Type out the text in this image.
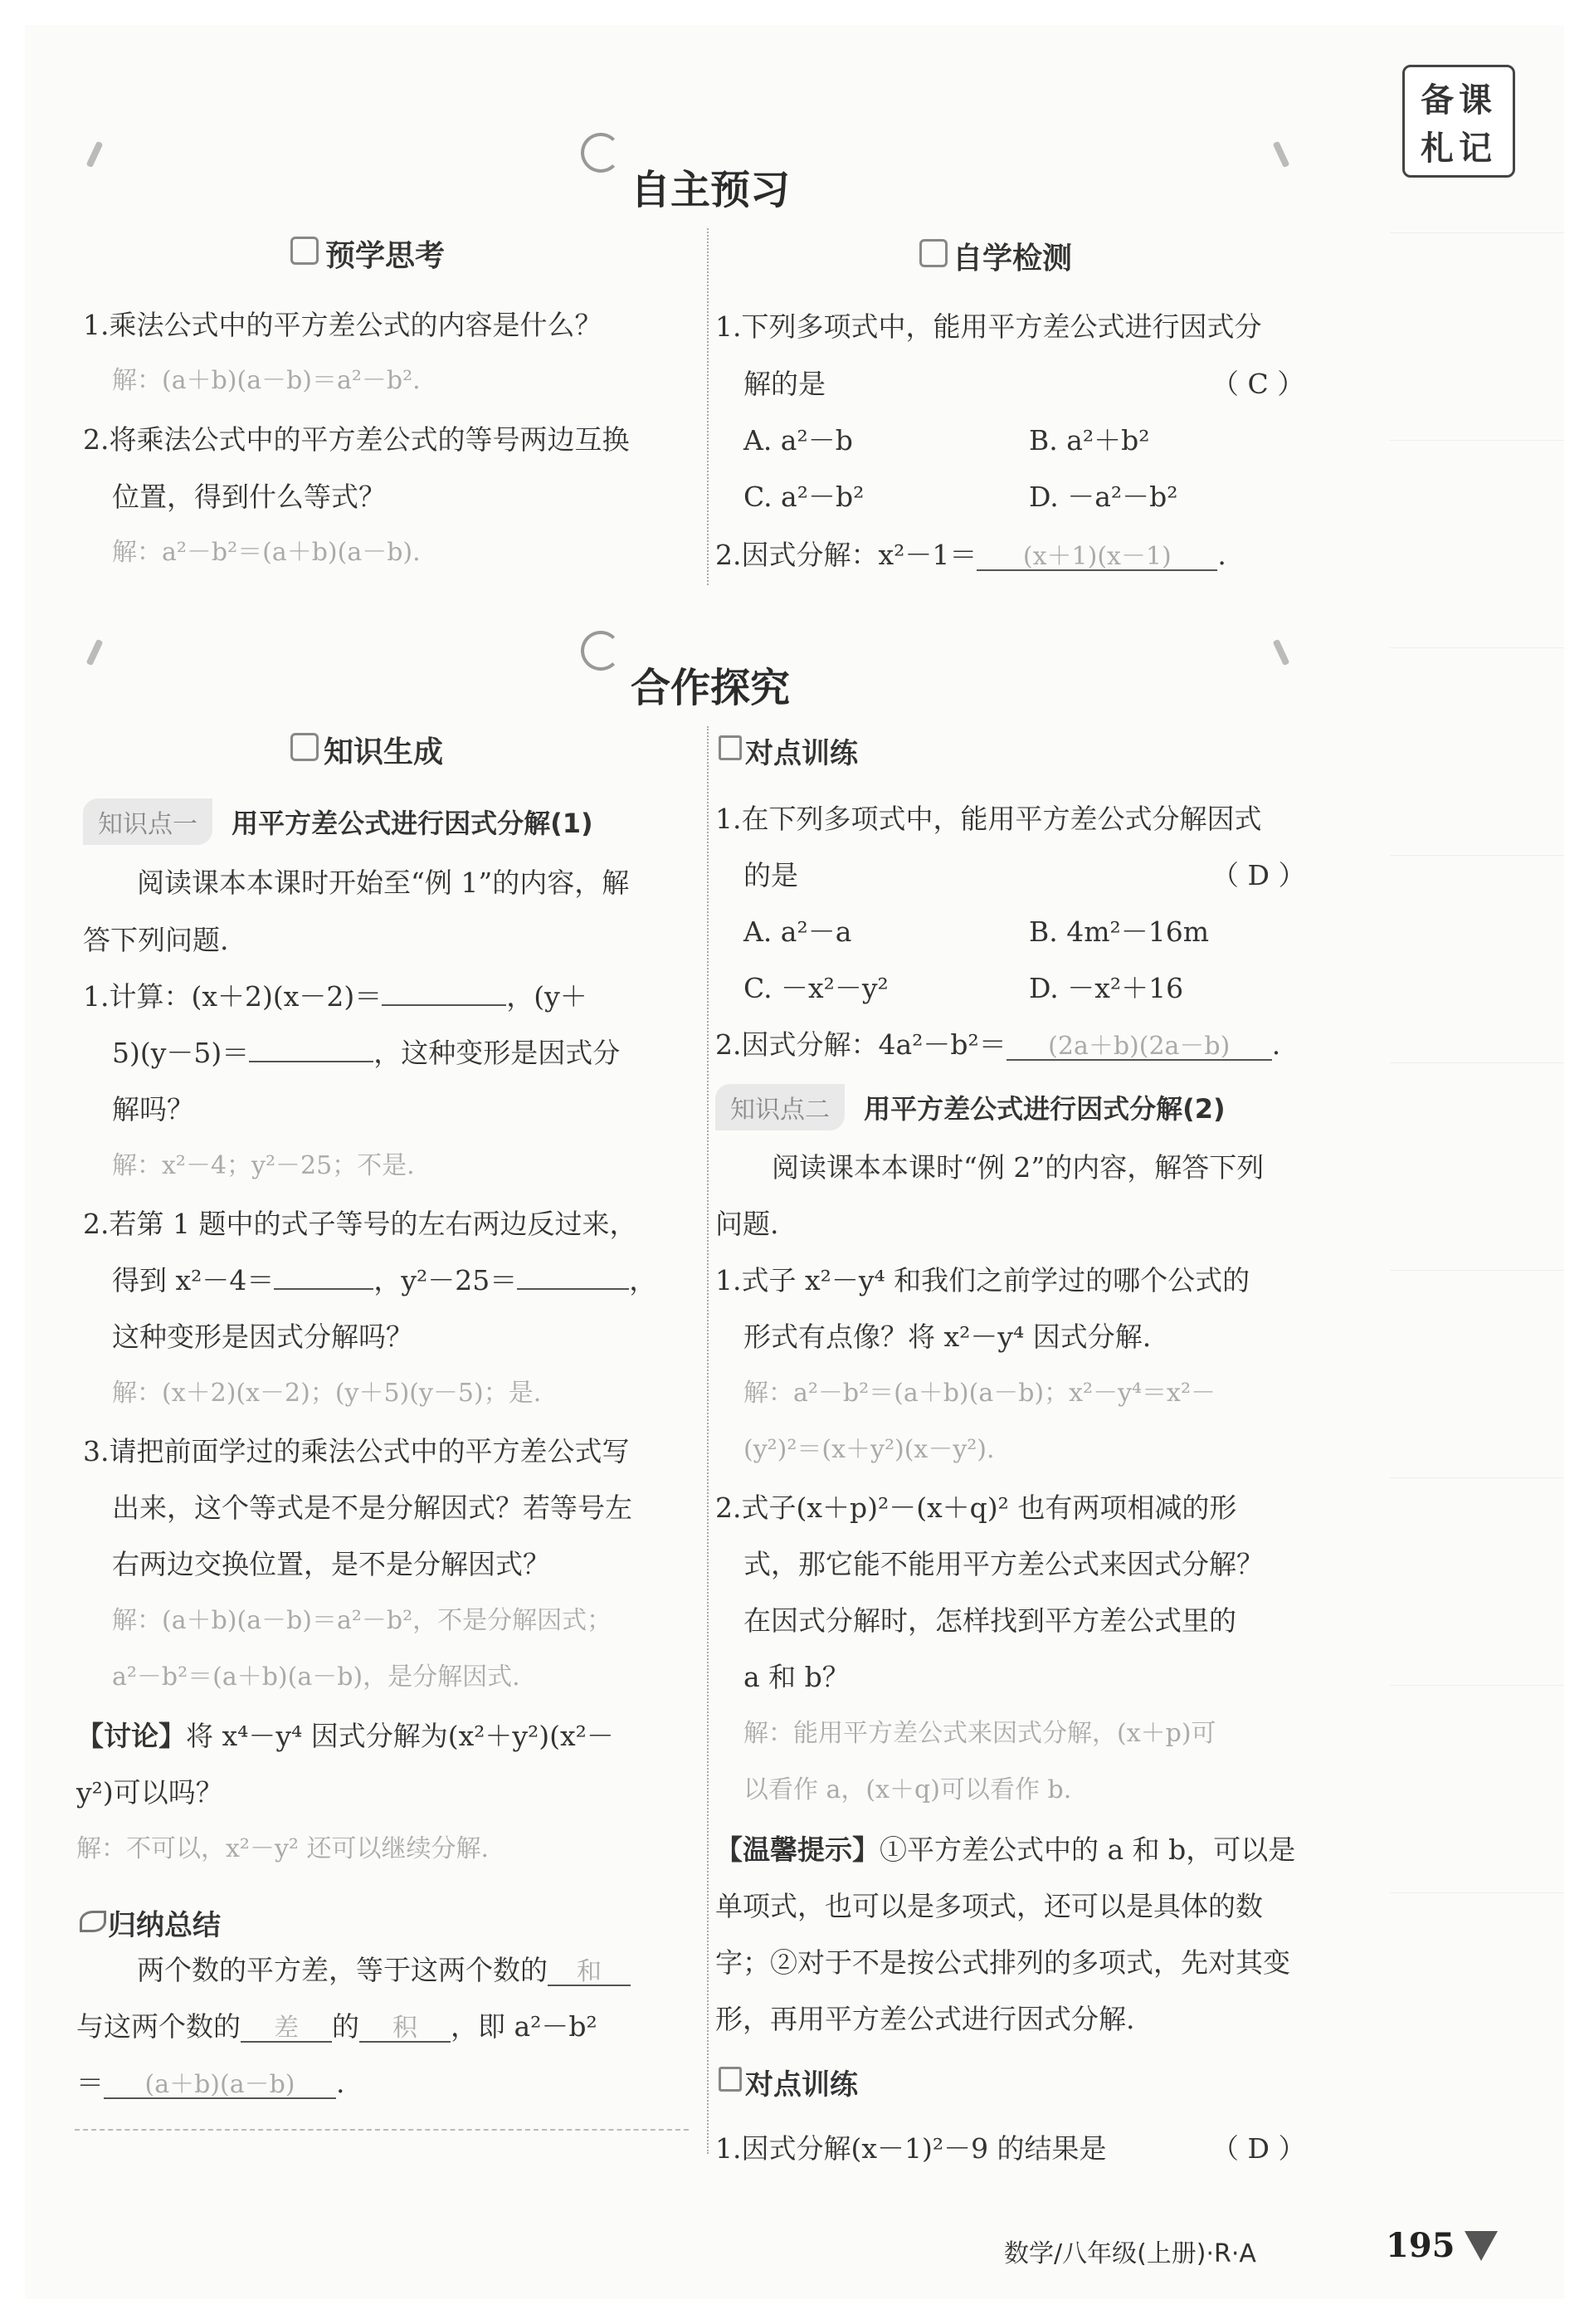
备课
札记
自主预习
预学思考
1.乘法公式中的平方差公式的内容是什么？
解：(a＋b)(a－b)＝a²－b².
2.将乘法公式中的平方差公式的等号两边互换
位置，得到什么等式？
解：a²－b²＝(a＋b)(a－b).
自学检测
1.下列多项式中，能用平方差公式进行因式分
解的是	（ C ）
A. a²－b	B. a²＋b²
C. a²－b²	D. －a²－b²
2.因式分解：x²－1＝ (x＋1)(x－1) .
合作探究
知识生成
知识点一 用平方差公式进行因式分解(1)
阅读课本本课时开始至“例 1”的内容，解
答下列问题.
1.计算：(x＋2)(x－2)＝	，(y＋
5)(y－5)＝	，这种变形是因式分
解吗？
解：x²－4；y²－25；不是.
2.若第 1 题中的式子等号的左右两边反过来，
得到 x²－4＝	，y²－25＝	，
这种变形是因式分解吗？
解：(x＋2)(x－2)；(y＋5)(y－5)；是.
3.请把前面学过的乘法公式中的平方差公式写
出来，这个等式是不是分解因式？若等号左
右两边交换位置，是不是分解因式？
解：(a＋b)(a－b)＝a²－b²，不是分解因式；
a²－b²＝(a＋b)(a－b)，是分解因式.
【讨论】将 x⁴－y⁴ 因式分解为(x²＋y²)(x²－
y²)可以吗？
解：不可以，x²－y² 还可以继续分解.
归纳总结
两个数的平方差，等于这两个数的 和
与这两个数的 差 的 积 ，即 a²－b²
＝ (a＋b)(a－b) .
对点训练
1.在下列多项式中，能用平方差公式分解因式
的是	（ D ）
A. a²－a	B. 4m²－16m
C. －x²－y²	D. －x²＋16
2.因式分解：4a²－b²＝ (2a＋b)(2a－b) .
知识点二 用平方差公式进行因式分解(2)
阅读课本本课时“例 2”的内容，解答下列
问题.
1.式子 x²－y⁴ 和我们之前学过的哪个公式的
形式有点像？将 x²－y⁴ 因式分解.
解：a²－b²＝(a＋b)(a－b)；x²－y⁴＝x²－
(y²)²＝(x＋y²)(x－y²).
2.式子(x＋p)²－(x＋q)² 也有两项相减的形
式，那它能不能用平方差公式来因式分解？
在因式分解时，怎样找到平方差公式里的
a 和 b？
解：能用平方差公式来因式分解，(x＋p)可
以看作 a，(x＋q)可以看作 b.
【温馨提示】①平方差公式中的 a 和 b，可以是
单项式，也可以是多项式，还可以是具体的数
字；②对于不是按公式排列的多项式，先对其变
形，再用平方差公式进行因式分解.
对点训练
1.因式分解(x－1)²－9 的结果是	（ D ）
数学/八年级(上册)·R·A	195
